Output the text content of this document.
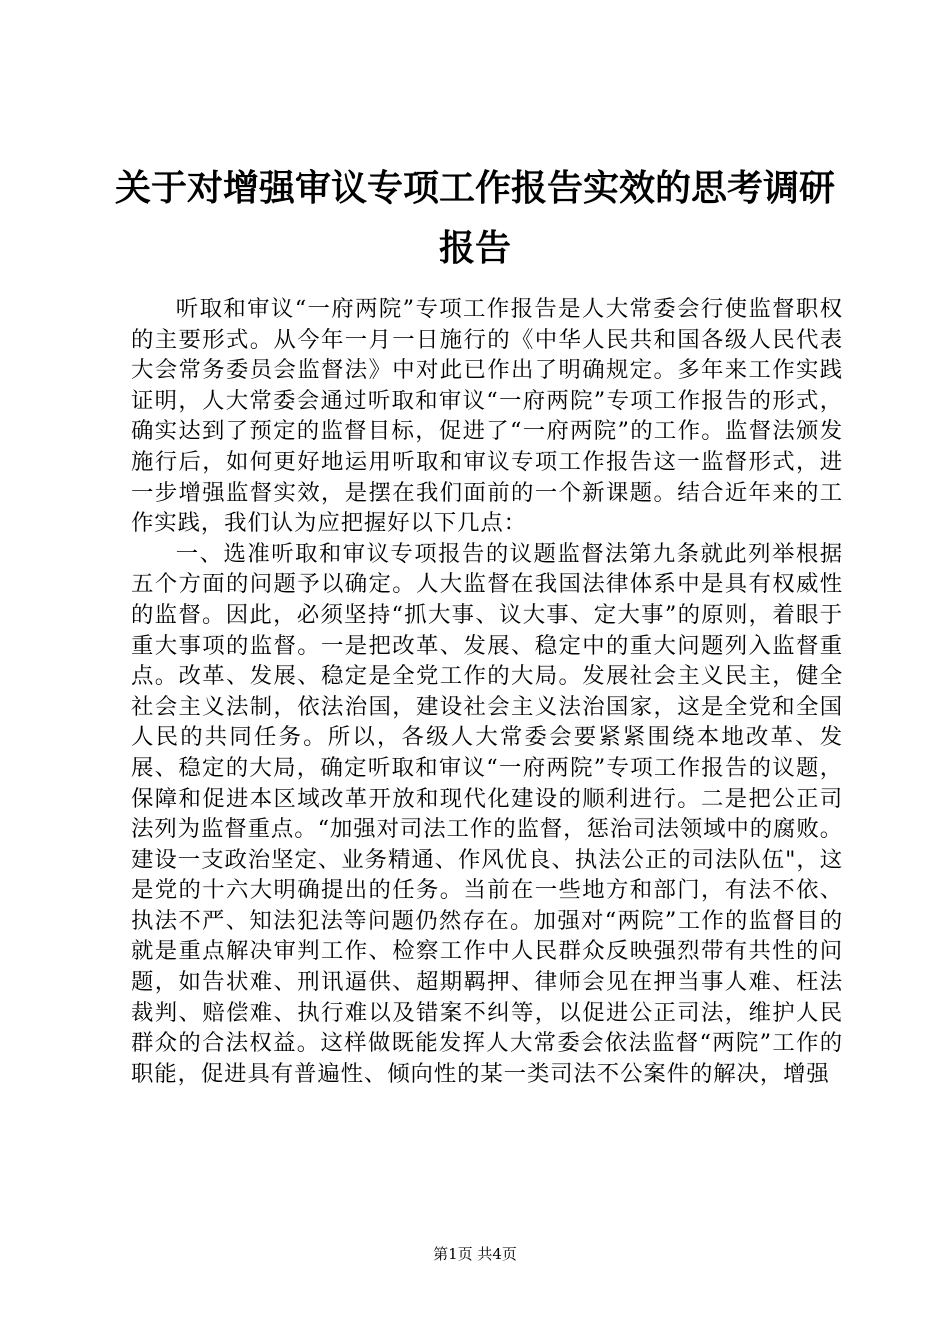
关于对增强审议专项工作报告实效的思考调研报告

听取和审议“一府两院”专项工作报告是人大常委会行使监督职权的主要形式。从今年一月一日施行的《中华人民共和国各级人民代表大会常务委员会监督法》中对此已作出了明确规定。多年来工作实践证明，人大常委会通过听取和审议“一府两院”专项工作报告的形式，确实达到了预定的监督目标，促进了“一府两院”的工作。监督法颁发施行后，如何更好地运用听取和审议专项工作报告这一监督形式，进一步增强监督实效，是摆在我们面前的一个新课题。结合近年来的工作实践，我们认为应把握好以下几点：

一、选准听取和审议专项报告的议题监督法第九条就此列举根据五个方面的问题予以确定。人大监督在我国法律体系中是具有权威性的监督。因此，必须坚持“抓大事、议大事、定大事”的原则，着眼于重大事项的监督。一是把改革、发展、稳定中的重大问题列入监督重点。改革、发展、稳定是全党工作的大局。发展社会主义民主，健全社会主义法制，依法治国，建设社会主义法治国家，这是全党和全国人民的共同任务。所以，各级人大常委会要紧紧围绕本地改革、发展、稳定的大局，确定听取和审议“一府两院”专项工作报告的议题，保障和促进本区域改革开放和现代化建设的顺利进行。二是把公正司法列为监督重点。“加强对司法工作的监督，惩治司法领域中的腐败。建设一支政治坚定、业务精通、作风优良、执法公正的司法队伍"，这是党的十六大明确提出的任务。当前在一些地方和部门，有法不依、执法不严、知法犯法等问题仍然存在。加强对“两院”工作的监督目的就是重点解决审判工作、检察工作中人民群众反映强烈带有共性的问题，如告状难、刑讯逼供、超期羁押、律师会见在押当事人难、枉法裁判、赔偿难、执行难以及错案不纠等，以促进公正司法，维护人民群众的合法权益。这样做既能发挥人大常委会依法监督“两院”工作的职能，促进具有普遍性、倾向性的某一类司法不公案件的解决，增强

第1页 共4页
